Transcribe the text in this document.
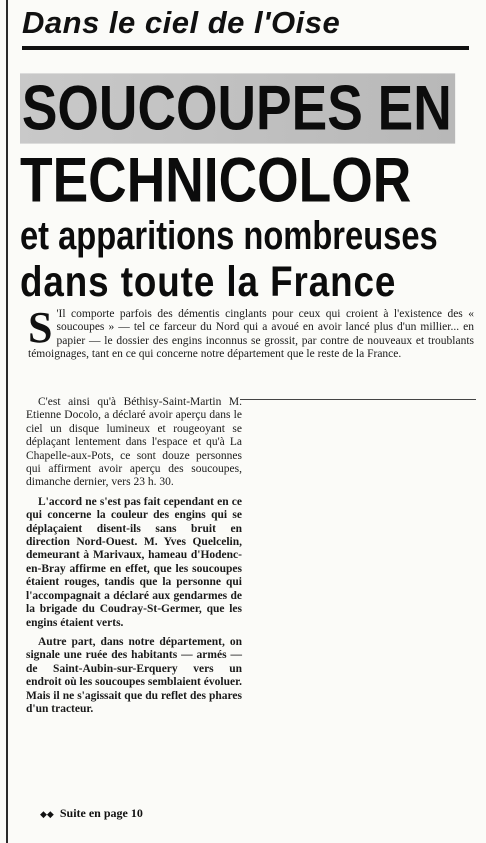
Dans le ciel de l'Oise
SOUCOUPES EN
TECHNICOLOR
et apparitions nombreuses
dans toute la France
S 'Il comporte parfois des démentis cinglants pour ceux qui croient à l'existence des « soucoupes » — tel ce farceur du Nord qui a avoué en avoir lancé plus d'un millier... en papier — le dossier des engins inconnus se grossit, par contre de nouveaux et troublants témoignages, tant en ce qui concerne notre département que le reste de la France.

C'est ainsi qu'à Béthisy-Saint-Martin M. Etienne Docolo, a déclaré avoir aperçu dans le ciel un disque lumineux et rougeoyant se déplaçant lentement dans l'espace et qu'à La Chapelle-aux-Pots, ce sont douze personnes qui affirment avoir aperçu des soucoupes, dimanche dernier, vers 23 h. 30.

L'accord ne s'est pas fait cependant en ce qui concerne la couleur des engins qui se déplaçaient disent-ils sans bruit en direction Nord-Ouest. M. Yves Quelcelin, demeurant à Marivaux, hameau d'Hodenc-en-Bray affirme en effet, que les soucoupes étaient rouges, tandis que la personne qui l'accompagnait a déclaré aux gendarmes de la brigade du Coudray-St-Germer, que les engins étaient verts.

Autre part, dans notre département, on signale une ruée des habitants — armés — de Saint-Aubin-sur-Erquery vers un endroit où les soucoupes semblaient évoluer. Mais il ne s'agissait que du reflet des phares d'un tracteur.

◆◆ Suite en page 10
